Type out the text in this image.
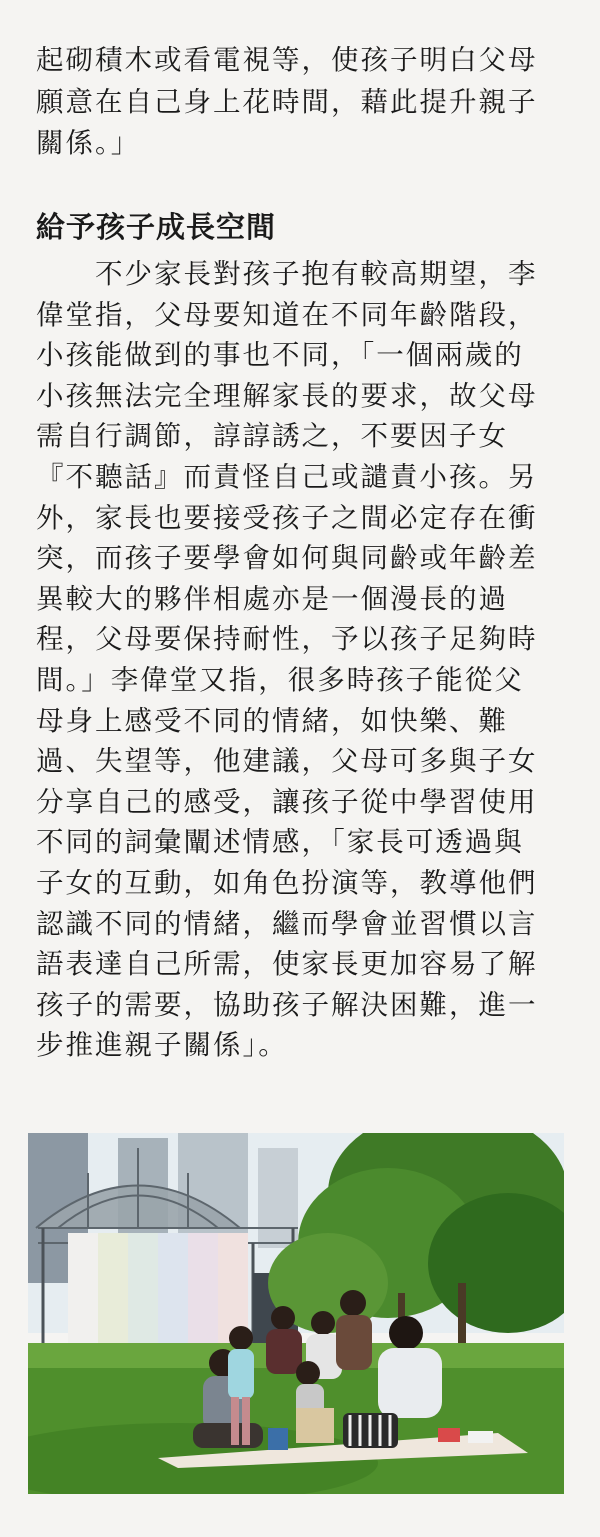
起砌積木或看電視等，使孩子明白父母
願意在自己身上花時間，藉此提升親子
關係。」
給予孩子成長空間
　　不少家長對孩子抱有較高期望，李
偉堂指，父母要知道在不同年齡階段，
小孩能做到的事也不同，「一個兩歲的
小孩無法完全理解家長的要求，故父母
需自行調節，諄諄誘之，不要因子女
『不聽話』而責怪自己或譴責小孩。另
外，家長也要接受孩子之間必定存在衝
突，而孩子要學會如何與同齡或年齡差
異較大的夥伴相處亦是一個漫長的過
程，父母要保持耐性，予以孩子足夠時
間。」李偉堂又指，很多時孩子能從父
母身上感受不同的情緒，如快樂、難
過、失望等，他建議，父母可多與子女
分享自己的感受，讓孩子從中學習使用
不同的詞彙闡述情感，「家長可透過與
子女的互動，如角色扮演等，教導他們
認識不同的情緒，繼而學會並習慣以言
語表達自己所需，使家長更加容易了解
孩子的需要，協助孩子解決困難，進一
步推進親子關係」。
